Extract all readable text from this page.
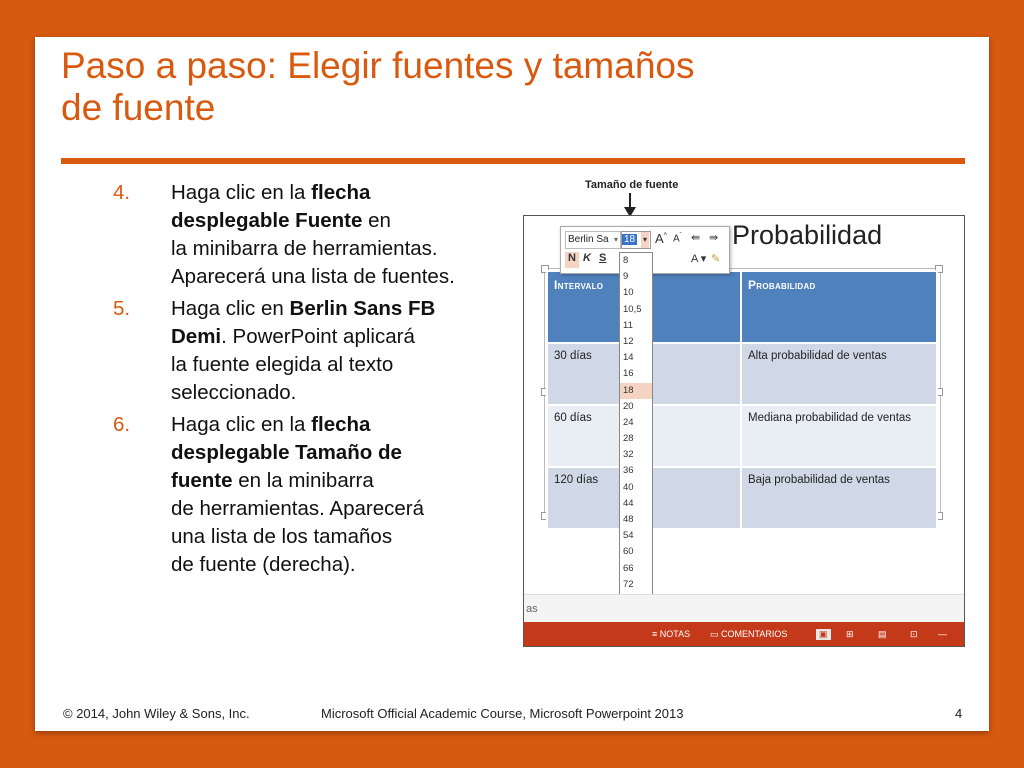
Paso a paso: Elegir fuentes y tamaños
de fuente
4. Haga clic en la flecha
desplegable Fuente en
la minibarra de herramientas.
Aparecerá una lista de fuentes.
5. Haga clic en Berlin Sans FB
Demi. PowerPoint aplicará
la fuente elegida al texto
seleccionado.
6. Haga clic en la flecha
desplegable Tamaño de
fuente en la minibarra
de herramientas. Aparecerá
una lista de los tamaños
de fuente (derecha).
Tamaño de fuente
Probabilidad
Intervalo	Probabilidad
30 días	Alta probabilidad de ventas
60 días	Mediana probabilidad de ventas
120 días	Baja probabilidad de ventas
Berlin Sa ▾ 18 ▾ A^ $A^ˇ$ ⇚ ⇛
N K S	A ▾ ✎
8
9
10
10,5
11
12
14
16
18
20
24
28
32
36
40
44
48
54
60
66
72
as
≡ NOTAS ▭ COMENTARIOS	▣	⊞	▤	⊡ —
© 2014, John Wiley & Sons, Inc.	Microsoft Official Academic Course, Microsoft Powerpoint 2013	4
